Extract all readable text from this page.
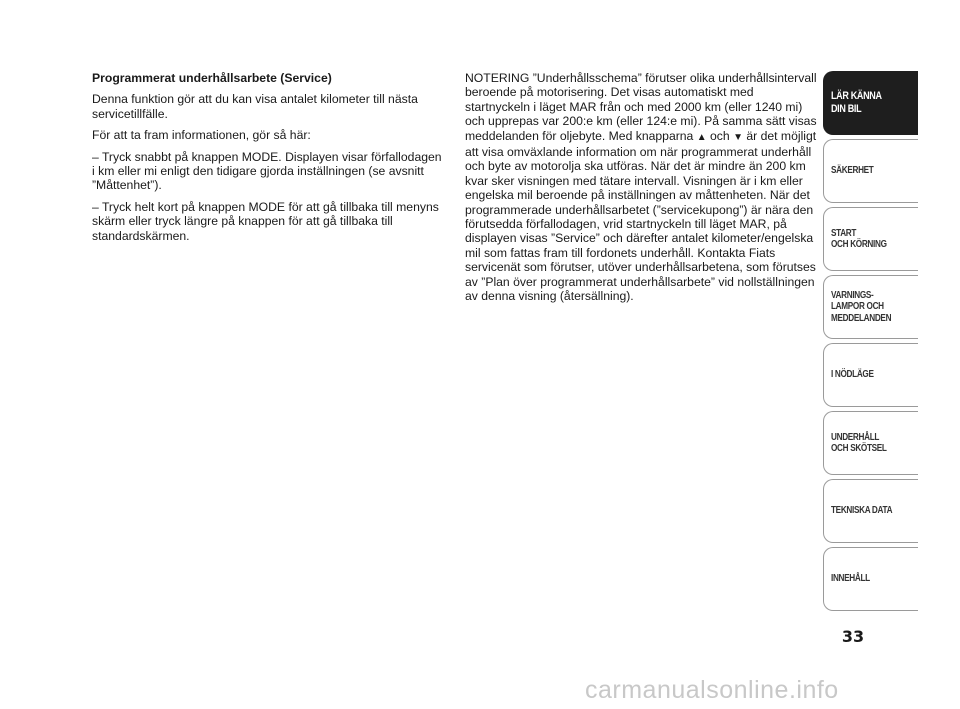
Programmerat underhållsarbete (Service)

Denna funktion gör att du kan visa antalet kilometer till nästa servicetillfälle.

För att ta fram informationen, gör så här:

– Tryck snabbt på knappen MODE. Displayen visar förfallodagen i km eller mi enligt den tidigare gjorda inställningen (se avsnitt ”Måttenhet”).

– Tryck helt kort på knappen MODE för att gå tillbaka till menyns skärm eller tryck längre på knappen för att gå tillbaka till standardskärmen.

NOTERING ”Underhållsschema” förutser olika underhållsintervall beroende på motorisering. Det visas automatiskt med startnyckeln i läget MAR från och med 2000 km (eller 1240 mi) och upprepas var 200:e km (eller 124:e mi). På samma sätt visas meddelanden för oljebyte. Med knapparna ▲ och ▼ är det möjligt att visa omväxlande information om när programmerat underhåll och byte av motorolja ska utföras. När det är mindre än 200 km kvar sker visningen med tätare intervall. Visningen är i km eller engelska mil beroende på inställningen av måttenheten. När det programmerade underhållsarbetet (”servicekupong”) är nära den förutsedda förfallodagen, vrid startnyckeln till läget MAR, på displayen visas ”Service” och därefter antalet kilometer/engelska mil som fattas fram till fordonets underhåll. Kontakta Fiats servicenät som förutser, utöver underhållsarbetena, som förutses av ”Plan över programmerat underhållsarbete” vid nollställningen av denna visning (återsällning).

LÄR KÄNNA
DIN BIL
SÄKERHET
START
OCH KÖRNING
VARNINGS-
LAMPOR OCH
MEDDELANDEN
I NÖDLÄGE
UNDERHÅLL
OCH SKÖTSEL
TEKNISKA DATA
INNEHÅLL
33
carmanualsonline.info
